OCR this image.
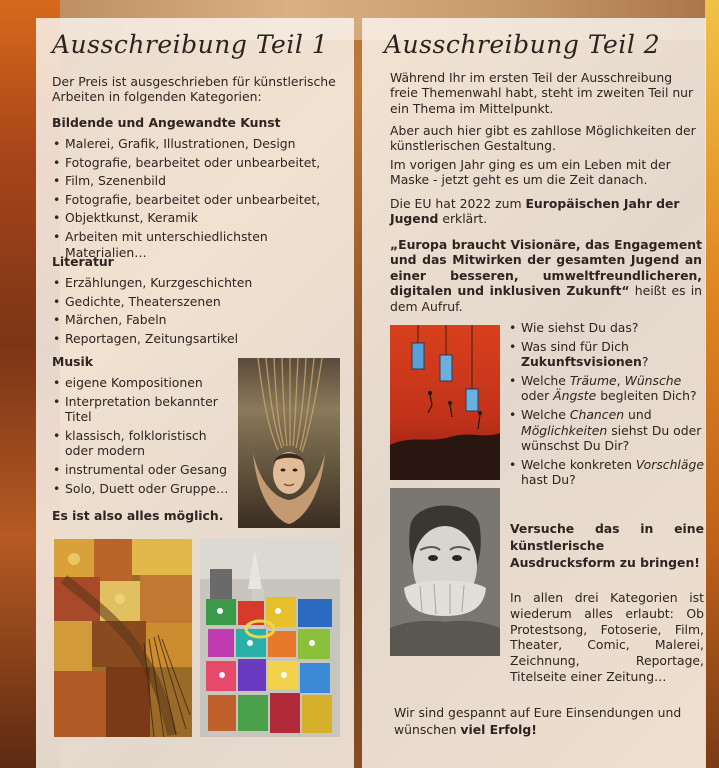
Ausschreibung Teil 1
Der Preis ist ausgeschrieben für künstlerische Arbeiten in folgenden Kategorien:
Bildende und Angewandte Kunst
• Malerei, Grafik, Illustrationen, Design
• Fotografie, bearbeitet oder unbearbeitet,
• Film, Szenenbild
• Fotografie, bearbeitet oder unbearbeitet,
• Objektkunst, Keramik
• Arbeiten mit unterschiedlichsten Materialien…
Literatur
• Erzählungen, Kurzgeschichten
• Gedichte, Theaterszenen
• Märchen, Fabeln
• Reportagen, Zeitungsartikel
Musik
• eigene Kompositionen
• Interpretation bekannter Titel
• klassisch, folkloristisch oder modern
• instrumental oder Gesang
• Solo, Duett oder Gruppe…
Es ist also alles möglich.
Ausschreibung Teil 2
Während Ihr im ersten Teil der Ausschreibung freie Themenwahl habt, steht im zweiten Teil nur ein Thema im Mittelpunkt.
Aber auch hier gibt es zahllose Möglichkeiten der künstlerischen Gestaltung.
Im vorigen Jahr ging es um ein Leben mit der Maske - jetzt geht es um die Zeit danach.
Die EU hat 2022 zum Europäischen Jahr der Jugend erklärt.
„Europa braucht Visionäre, das Engagement und das Mitwirken der gesamten Jugend an einer besseren, umweltfreundlicheren, digitalen und inklusiven Zukunft“ heißt es in dem Aufruf.
• Wie siehst Du das?
• Was sind für Dich Zukunftsvisionen?
• Welche Träume, Wünsche oder Ängste begleiten Dich?
• Welche Chancen und Möglichkeiten siehst Du oder wünschst Du Dir?
• Welche konkreten Vorschläge hast Du?
Versuche das in eine künstlerische Ausdrucksform zu bringen!
In allen drei Kategorien ist wiederum alles erlaubt: Ob Protestsong, Fotoserie, Film, Theater, Comic, Malerei, Zeichnung, Reportage, Titelseite einer Zeitung…
Wir sind gespannt auf Eure Einsendungen und wünschen viel Erfolg!
